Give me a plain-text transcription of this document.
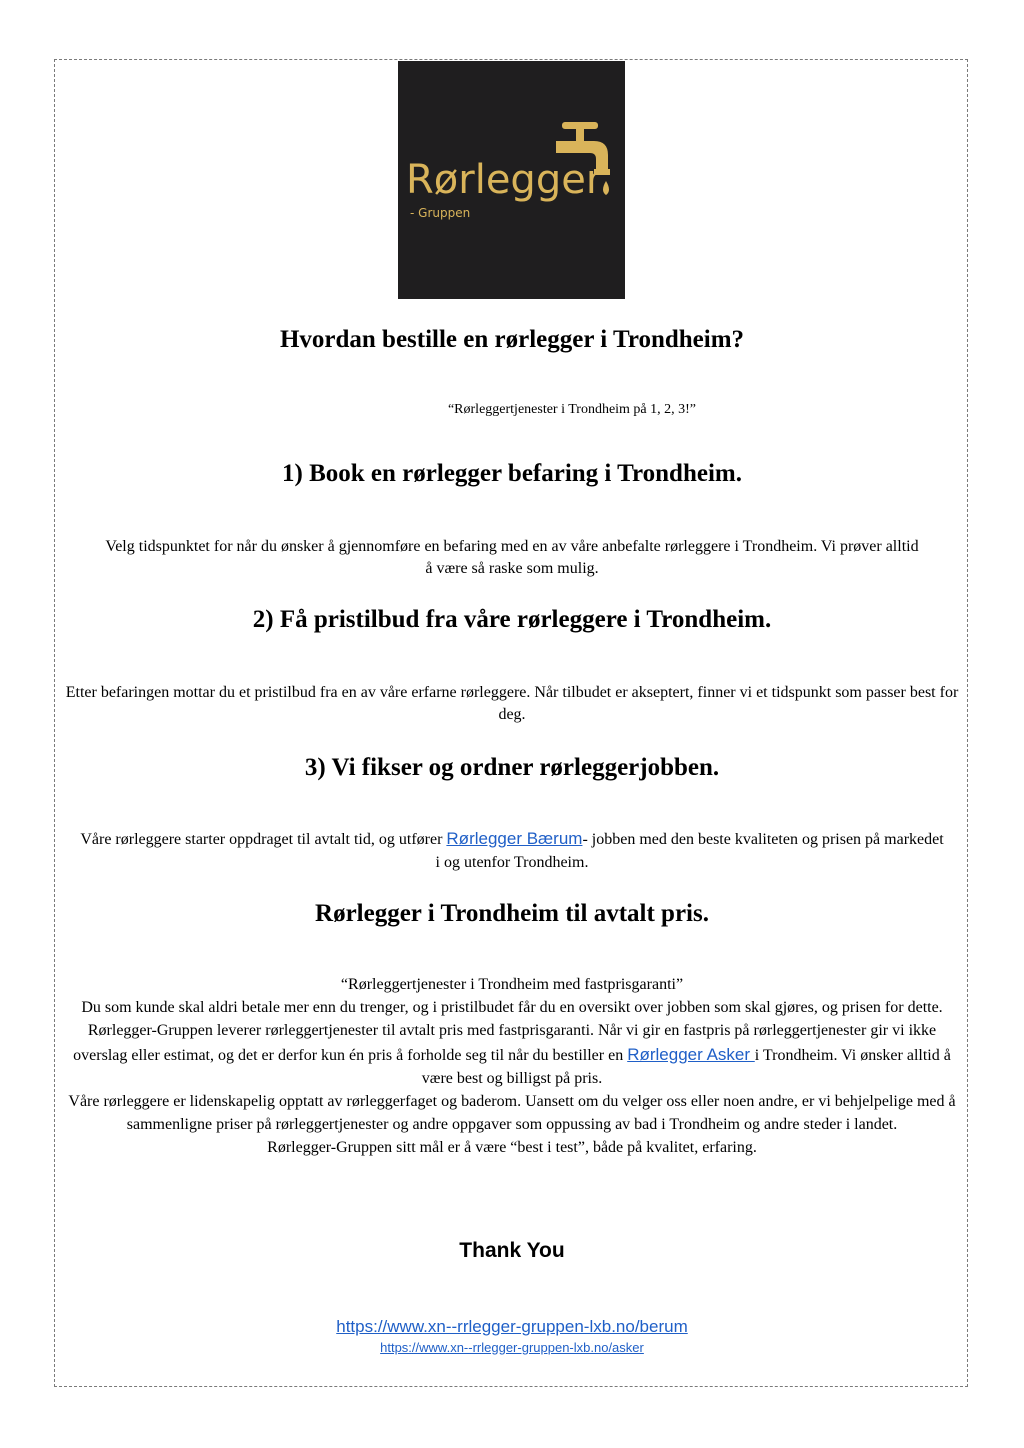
Rørlegger
- Gruppen
Hvordan bestille en rørlegger i Trondheim?
“Rørleggertjenester i Trondheim på 1, 2, 3!”
1) Book en rørlegger befaring i Trondheim.
Velg tidspunktet for når du ønsker å gjennomføre en befaring med en av våre anbefalte rørleggere i Trondheim. Vi prøver alltid å være så raske som mulig.
2) Få pristilbud fra våre rørleggere i Trondheim.
Etter befaringen mottar du et pristilbud fra en av våre erfarne rørleggere. Når tilbudet er akseptert, finner vi et tidspunkt som passer best for deg.
3) Vi fikser og ordner rørleggerjobben.
Våre rørleggere starter oppdraget til avtalt tid, og utfører Rørlegger Bærum- jobben med den beste kvaliteten og prisen på markedet i og utenfor Trondheim.
Rørlegger i Trondheim til avtalt pris.
“Rørleggertjenester i Trondheim med fastprisgaranti”
Du som kunde skal aldri betale mer enn du trenger, og i pristilbudet får du en oversikt over jobben som skal gjøres, og prisen for dette.
Rørlegger-Gruppen leverer rørleggertjenester til avtalt pris med fastprisgaranti. Når vi gir en fastpris på rørleggertjenester gir vi ikke overslag eller estimat, og det er derfor kun én pris å forholde seg til når du bestiller en Rørlegger Asker i Trondheim. Vi ønsker alltid å være best og billigst på pris.
Våre rørleggere er lidenskapelig opptatt av rørleggerfaget og baderom. Uansett om du velger oss eller noen andre, er vi behjelpelige med å sammenligne priser på rørleggertjenester og andre oppgaver som oppussing av bad i Trondheim og andre steder i landet.
Rørlegger-Gruppen sitt mål er å være “best i test”, både på kvalitet, erfaring.
Thank You
https://www.xn--rrlegger-gruppen-lxb.no/berum
https://www.xn--rrlegger-gruppen-lxb.no/asker
